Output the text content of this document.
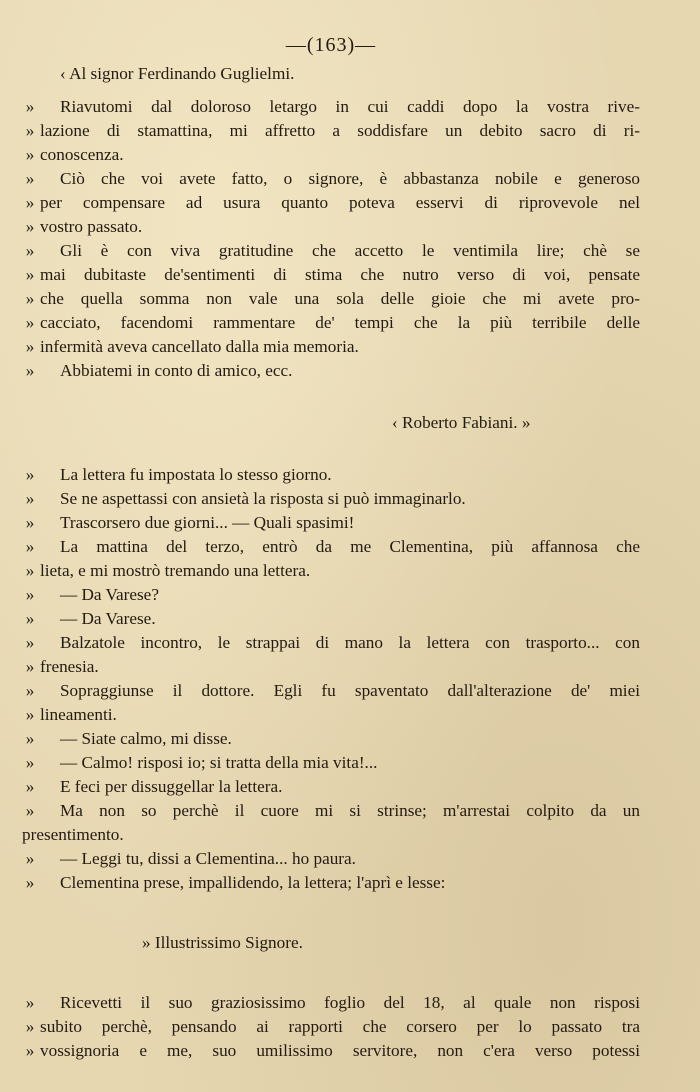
—(163)—
‹ Al signor Ferdinando Guglielmi.
» Riavutomi dal doloroso letargo in cui caddi dopo la vostra rive-
» lazione di stamattina, mi affretto a soddisfare un debito sacro di ri-
» conoscenza.
» Ciò che voi avete fatto, o signore, è abbastanza nobile e generoso
» per compensare ad usura quanto poteva esservi di riprovevole nel
» vostro passato.
» Gli è con viva gratitudine che accetto le ventimila lire; chè se
» mai dubitaste de'sentimenti di stima che nutro verso di voi, pensate
» che quella somma non vale una sola delle gioie che mi avete pro-
» cacciato, facendomi rammentare de' tempi che la più terribile delle
» infermità aveva cancellato dalla mia memoria.
» Abbiatemi in conto di amico, ecc.
‹ Roberto Fabiani. »
» La lettera fu impostata lo stesso giorno.
» Se ne aspettassi con ansietà la risposta si può immaginarlo.
» Trascorsero due giorni... — Quali spasimi!
» La mattina del terzo, entrò da me Clementina, più affannosa che
» lieta, e mi mostrò tremando una lettera.
» — Da Varese?
» — Da Varese.
» Balzatole incontro, le strappai di mano la lettera con trasporto... con
» frenesia.
» Sopraggiunse il dottore. Egli fu spaventato dall'alterazione de' miei
» lineamenti.
» — Siate calmo, mi disse.
» — Calmo! risposi io; si tratta della mia vita!...
» E feci per dissuggellar la lettera.
» Ma non so perchè il cuore mi si strinse; m'arrestai colpito da un
presentimento.
» — Leggi tu, dissi a Clementina... ho paura.
» Clementina prese, impallidendo, la lettera; l'aprì e lesse:
» Illustrissimo Signore.
» Ricevetti il suo graziosissimo foglio del 18, al quale non risposi
» subito perchè, pensando ai rapporti che corsero per lo passato tra
» vossignoria e me, suo umilissimo servitore, non c'era verso potessi
